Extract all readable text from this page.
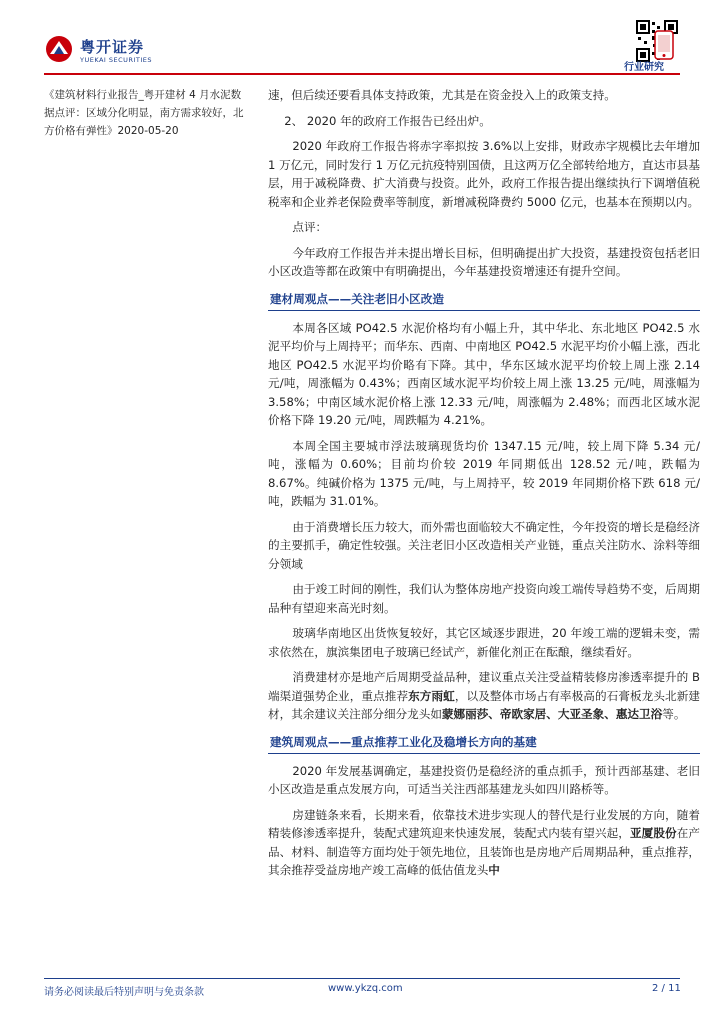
粤开证券
YUEKAI SECURITIES
行业研究
《建筑材料行业报告_粤开建材 4 月水泥数据点评：区域分化明显，南方需求较好，北方价格有弹性》2020-05-20

速，但后续还要看具体支持政策，尤其是在资金投入上的政策支持。

2、 2020 年的政府工作报告已经出炉。

2020 年政府工作报告将赤字率拟按 3.6%以上安排，财政赤字规模比去年增加 1 万亿元，同时发行 1 万亿元抗疫特别国债，且这两万亿全部转给地方，直达市县基层，用于减税降费、扩大消费与投资。此外，政府工作报告提出继续执行下调增值税税率和企业养老保险费率等制度，新增减税降费约 5000 亿元，也基本在预期以内。

点评：

今年政府工作报告并未提出增长目标，但明确提出扩大投资，基建投资包括老旧小区改造等都在政策中有明确提出，今年基建投资增速还有提升空间。

建材周观点——关注老旧小区改造

本周各区域 PO42.5 水泥价格均有小幅上升，其中华北、东北地区 PO42.5 水泥平均价与上周持平；而华东、西南、中南地区 PO42.5 水泥平均价小幅上涨，西北地区 PO42.5 水泥平均价略有下降。其中，华东区域水泥平均价较上周上涨 2.14 元/吨，周涨幅为 0.43%；西南区域水泥平均价较上周上涨 13.25 元/吨，周涨幅为 3.58%；中南区域水泥价格上涨 12.33 元/吨，周涨幅为 2.48%；而西北区域水泥价格下降 19.20 元/吨，周跌幅为 4.21%。

本周全国主要城市浮法玻璃现货均价 1347.15 元/吨，较上周下降 5.34 元/吨，涨幅为 0.60%；目前均价较 2019 年同期低出 128.52 元/吨，跌幅为 8.67%。纯碱价格为 1375 元/吨，与上周持平，较 2019 年同期价格下跌 618 元/吨，跌幅为 31.01%。

由于消费增长压力较大，而外需也面临较大不确定性，今年投资的增长是稳经济的主要抓手，确定性较强。关注老旧小区改造相关产业链，重点关注防水、涂料等细分领域

由于竣工时间的刚性，我们认为整体房地产投资向竣工端传导趋势不变，后周期品种有望迎来高光时刻。

玻璃华南地区出货恢复较好，其它区域逐步跟进，20 年竣工端的逻辑未变，需求依然在，旗滨集团电子玻璃已经试产，新催化剂正在酝酿，继续看好。

消费建材亦是地产后周期受益品种，建议重点关注受益精装修房渗透率提升的 B 端渠道强势企业，重点推荐东方雨虹，以及整体市场占有率极高的石膏板龙头北新建材，其余建议关注部分细分龙头如蒙娜丽莎、帝欧家居、大亚圣象、惠达卫浴等。

建筑周观点——重点推荐工业化及稳增长方向的基建

2020 年发展基调确定，基建投资仍是稳经济的重点抓手，预计西部基建、老旧小区改造是重点发展方向，可适当关注西部基建龙头如四川路桥等。

房建链条来看，长期来看，依靠技术进步实现人的替代是行业发展的方向，随着精装修渗透率提升，装配式建筑迎来快速发展，装配式内装有望兴起，亚厦股份在产品、材料、制造等方面均处于领先地位，且装饰也是房地产后周期品种，重点推荐，其余推荐受益房地产竣工高峰的低估值龙头中

请务必阅读最后特别声明与免责条款	www.ykzq.com	2 / 11
